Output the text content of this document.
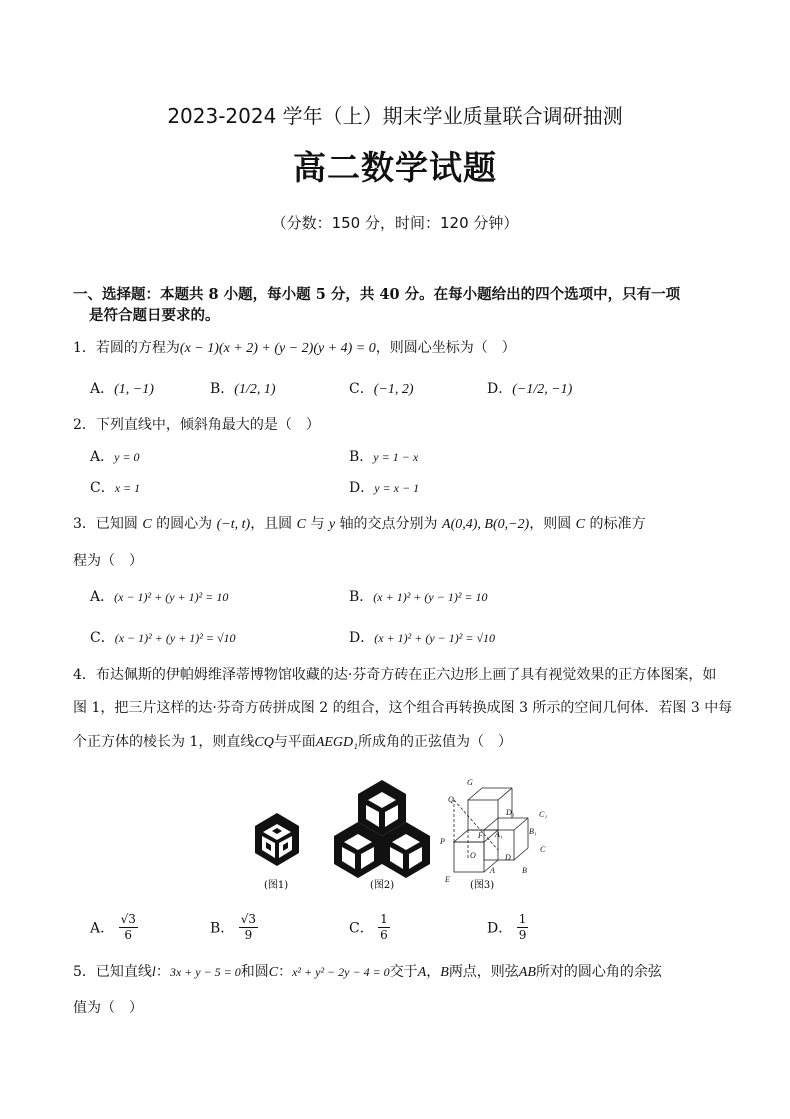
2023-2024 学年（上）期末学业质量联合调研抽测
高二数学试题
（分数：150 分，时间：120 分钟）
一、选择题：本题共 8 小题，每小题 5 分，共 40 分。在每小题给出的四个选项中，只有一项
是符合题日要求的。
1．若圆的方程为(x − 1)(x + 2) + (y − 2)(y + 4) = 0，则圆心坐标为（　）
A．(1, −1)	B．(1/2, 1)	C．(−1, 2)	D．(−1/2, −1)
2．下列直线中，倾斜角最大的是（　）
A．y = 0	B．y = 1 − x
C．x = 1	D．y = x − 1
3．已知圆 C 的圆心为 (−t, t)，且圆 C 与 y 轴的交点分别为 A(0,4), B(0,−2)，则圆 C 的标准方
程为（　）
A．(x − 1)² + (y + 1)² = 10	B．(x + 1)² + (y − 1)² = 10
C．(x − 1)² + (y + 1)² = √10	D．(x + 1)² + (y − 1)² = √10
4．布达佩斯的伊帕姆维泽蒂博物馆收藏的达·芬奇方砖在正六边形上画了具有视觉效果的正方体图案，如
图 1，把三片这样的达·芬奇方砖拼成图 2 的组合，这个组合再转换成图 3 所示的空间几何体．若图 3 中每
个正方体的棱长为 1，则直线CQ与平面AEGD₁所成角的正弦值为（　）
(图1)	(图2)
G
Q
D₁	C₁
A₁	B₁
F
P
O	D
C
E
A	B
(图3)
A． $\frac{√3}{6}$	B． $\frac{√3}{9}$	C． $\frac{1}{6}$	D． $\frac{1}{9}$
5．已知直线l：3x + y − 5 = 0和圆C：x² + y² − 2y − 4 = 0交于A，B两点，则弦AB所对的圆心角的余弦
值为（　）
